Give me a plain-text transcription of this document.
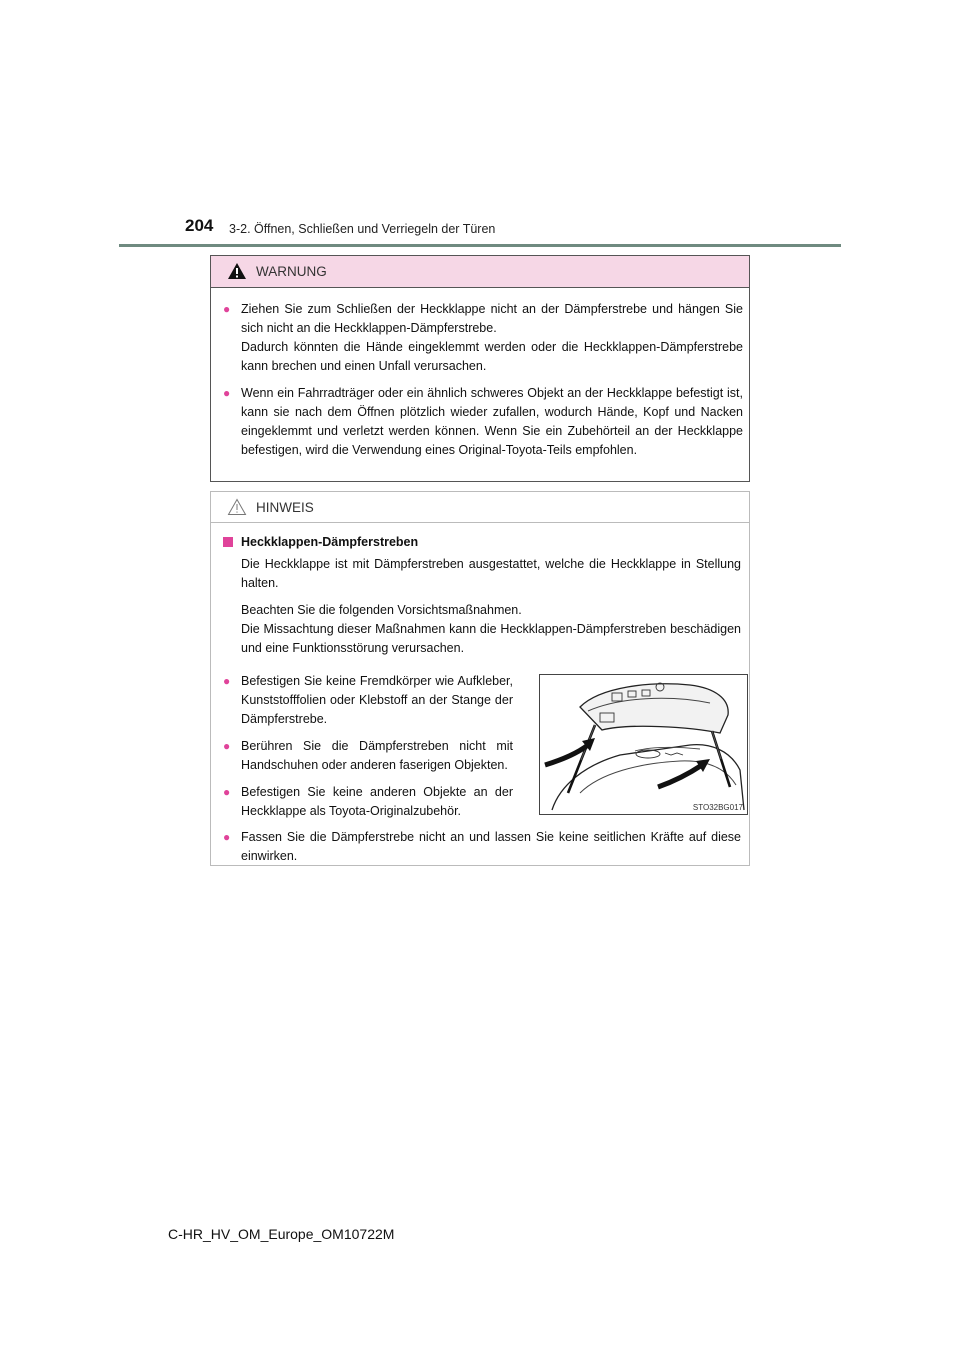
204 3-2. Öffnen, Schließen und Verriegeln der Türen
WARNUNG
● Ziehen Sie zum Schließen der Heckklappe nicht an der Dämpferstrebe und hängen Sie sich nicht an die Heckklappen-Dämpferstrebe.
Dadurch könnten die Hände eingeklemmt werden oder die Heckklappen-Dämpferstrebe kann brechen und einen Unfall verursachen.
● Wenn ein Fahrradträger oder ein ähnlich schweres Objekt an der Heckklappe befestigt ist, kann sie nach dem Öffnen plötzlich wieder zufallen, wodurch Hände, Kopf und Nacken eingeklemmt und verletzt werden können. Wenn Sie ein Zubehörteil an der Heckklappe befestigen, wird die Verwendung eines Original-Toyota-Teils empfohlen.
HINWEIS
Heckklappen-Dämpferstreben
Die Heckklappe ist mit Dämpferstreben ausgestattet, welche die Heckklappe in Stellung halten.
Beachten Sie die folgenden Vorsichtsmaßnahmen.
Die Missachtung dieser Maßnahmen kann die Heckklappen-Dämpferstreben beschädigen und eine Funktionsstörung verursachen.
● Befestigen Sie keine Fremdkörper wie Aufkleber, Kunststofffolien oder Klebstoff an der Stange der Dämpferstrebe.
● Berühren Sie die Dämpferstreben nicht mit Handschuhen oder anderen faserigen Objekten.
● Befestigen Sie keine anderen Objekte an der Heckklappe als Toyota-Originalzubehör.	STO32BG017
● Fassen Sie die Dämpferstrebe nicht an und lassen Sie keine seitlichen Kräfte auf diese einwirken.
C-HR_HV_OM_Europe_OM10722M
